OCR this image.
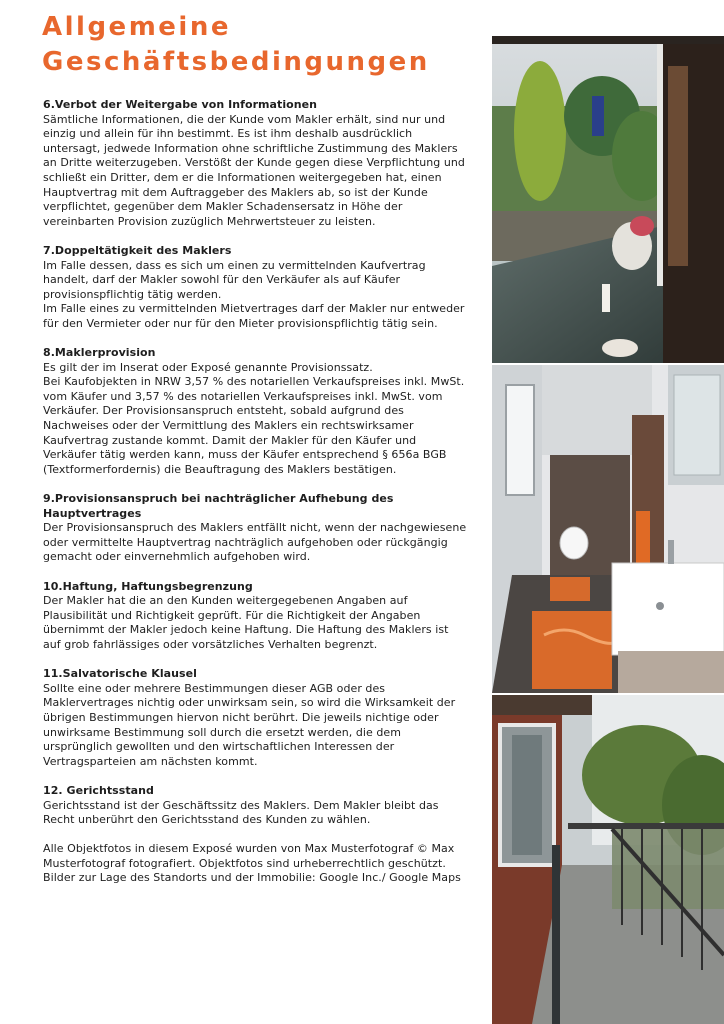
Allgemeine
Geschäftsbedingungen

6.Verbot der Weitergabe von Informationen

Sämtliche Informationen, die der Kunde vom Makler erhält, sind nur und einzig und allein für ihn bestimmt. Es ist ihm deshalb ausdrücklich untersagt, jedwede Information ohne schriftliche Zustimmung des Maklers an Dritte weiterzugeben. Verstößt der Kunde gegen diese Verpflichtung und schließt ein Dritter, dem er die Informationen weitergegeben hat, einen Hauptvertrag mit dem Auftraggeber des Maklers ab, so ist der Kunde verpflichtet, gegenüber dem Makler Schadensersatz in Höhe der vereinbarten Provision zuzüglich Mehrwertsteuer zu leisten.

7.Doppeltätigkeit des Maklers

Im Falle dessen, dass es sich um einen zu vermittelnden Kaufvertrag handelt, darf der Makler sowohl für den Verkäufer als auf Käufer provisionspflichtig tätig werden.

Im Falle eines zu vermittelnden Mietvertrages darf der Makler nur entweder für den Vermieter oder nur für den Mieter provisionspflichtig tätig sein.

8.Maklerprovision

Es gilt der im Inserat oder Exposé genannte Provisionssatz.

Bei Kaufobjekten in NRW 3,57 % des notariellen Verkaufspreises inkl. MwSt. vom Käufer und 3,57 % des notariellen Verkaufspreises inkl. MwSt. vom Verkäufer. Der Provisionsanspruch entsteht, sobald aufgrund des Nachweises oder der Vermittlung des Maklers ein rechtswirksamer Kaufvertrag zustande kommt. Damit der Makler für den Käufer und Verkäufer tätig werden kann, muss der Käufer entsprechend § 656a BGB (Textformerfordernis) die Beauftragung des Maklers bestätigen.

9.Provisionsanspruch bei nachträglicher Aufhebung des Hauptvertrages

Der Provisionsanspruch des Maklers entfällt nicht, wenn der nachgewiesene oder vermittelte Hauptvertrag nachträglich aufgehoben oder rückgängig gemacht oder einvernehmlich aufgehoben wird.

10.Haftung, Haftungsbegrenzung

Der Makler hat die an den Kunden weitergegebenen Angaben auf Plausibilität und Richtigkeit geprüft. Für die Richtigkeit der Angaben übernimmt der Makler jedoch keine Haftung. Die Haftung des Maklers ist auf grob fahrlässiges oder vorsätzliches Verhalten begrenzt.

11.Salvatorische Klausel

Sollte eine oder mehrere Bestimmungen dieser AGB oder des Maklervertrages nichtig oder unwirksam sein, so wird die Wirksamkeit der übrigen Bestimmungen hiervon nicht berührt. Die jeweils nichtige oder unwirksame Bestimmung soll durch die ersetzt werden, die dem ursprünglich gewollten und den wirtschaftlichen Interessen der Vertragsparteien am nächsten kommt.

12. Gerichtsstand

Gerichtsstand ist der Geschäftssitz des Maklers. Dem Makler bleibt das Recht unberührt den Gerichtsstand des Kunden zu wählen.

Alle Objektfotos in diesem Exposé wurden von Max Musterfotograf © Max Musterfotograf fotografiert. Objektfotos sind urheberrechtlich geschützt. Bilder zur Lage des Standorts und der Immobilie: Google Inc./ Google Maps
